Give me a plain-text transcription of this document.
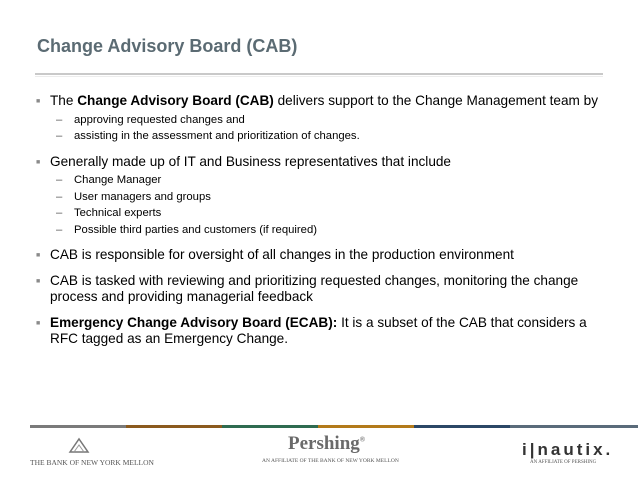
Change Advisory Board (CAB)
■ The Change Advisory Board (CAB) delivers support to the Change Management team by
– approving requested changes and
– assisting in the assessment and prioritization of changes.
■ Generally made up of IT and Business representatives that include
– Change Manager
– User managers and groups
– Technical experts
– Possible third parties and customers (if required)
■ CAB is responsible for oversight of all changes in the production environment
■ CAB is tasked with reviewing and prioritizing requested changes, monitoring the change process and providing managerial feedback
■ Emergency Change Advisory Board (ECAB): It is a subset of the CAB that considers a RFC tagged as an Emergency Change.
THE BANK OF NEW YORK MELLON
Pershing®
AN AFFILIATE OF THE BANK OF NEW YORK MELLON
i|nautix.
AN AFFILIATE OF PERSHING
